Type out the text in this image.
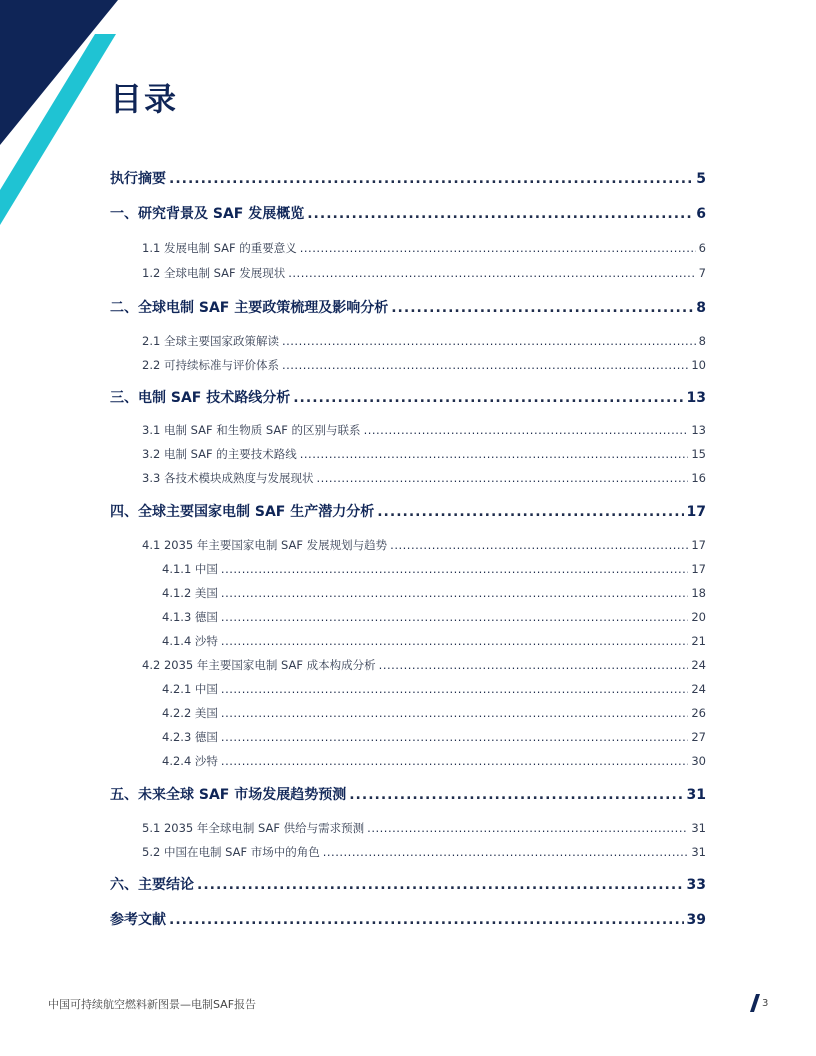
目录
执行摘要 .....	5
一、研究背景及 SAF 发展概览 .....	6
1.1 发展电制 SAF 的重要意义 .....	6
1.2 全球电制 SAF 发展现状 .....	7
二、全球电制 SAF 主要政策梳理及影响分析 .....	8
2.1 全球主要国家政策解读 .....	8
2.2 可持续标准与评价体系 .....	10
三、电制 SAF 技术路线分析 .....	13
3.1 电制 SAF 和生物质 SAF 的区别与联系 .....	13
3.2 电制 SAF 的主要技术路线 .....	15
3.3 各技术模块成熟度与发展现状 .....	16
四、全球主要国家电制 SAF 生产潜力分析 .....	17
4.1 2035 年主要国家电制 SAF 发展规划与趋势 .....	17
4.1.1 中国 .....	17
4.1.2 美国 .....	18
4.1.3 德国 .....	20
4.1.4 沙特 .....	21
4.2 2035 年主要国家电制 SAF 成本构成分析 .....	24
4.2.1 中国 .....	24
4.2.2 美国 .....	26
4.2.3 德国 .....	27
4.2.4 沙特 .....	30
五、未来全球 SAF 市场发展趋势预测 .....	31
5.1 2035 年全球电制 SAF 供给与需求预测 .....	31
5.2 中国在电制 SAF 市场中的角色 .....	31
六、主要结论 .....	33
参考文献 .....	39
中国可持续航空燃料新图景—电制SAF报告	3
